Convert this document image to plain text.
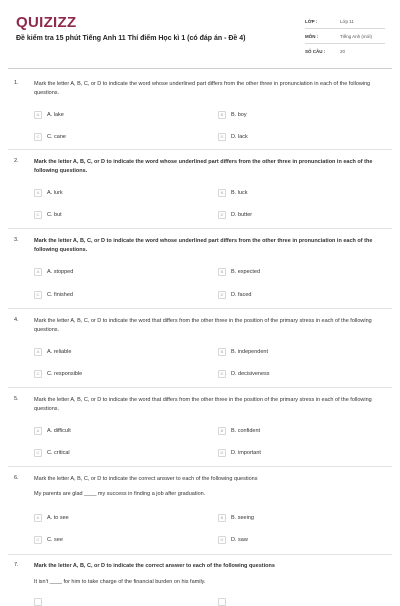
QUIZIZZ
Đề kiểm tra 15 phút Tiếng Anh 11 Thí điểm Học kì 1 (có đáp án - Đề 4)
LỚP :	Lớp 11
MÔN :	Tiếng Anh (mới)
SỐ CÂU :	20
1.	Mark the letter A, B, C, or D to indicate the word whose underlined part differs from the other three in pronunciation in each of the following questions.
A	A. lake	B	B. boy
C	C. cane	D	D. lack
2.	Mark the letter A, B, C, or D to indicate the word whose underlined part differs from the other three in pronunciation in each of the following questions.
A	A. lurk	B	B. luck
C	C. but	D	D. butter
3.	Mark the letter A, B, C, or D to indicate the word whose underlined part differs from the other three in pronunciation in each of the following questions.
A	A. stopped	B	B. expected
C	C. finished	D	D. faced
4.	Mark the letter A, B, C, or D to indicate the word that differs from the other three in the position of the primary stress in each of the following questions.
A	A. reliable	B	B. independent
C	C. responsible	D	D. decisiveness
5.	Mark the letter A, B, C, or D to indicate the word that differs from the other three in the position of the primary stress in each of the following questions.
A	A. difficult	B	B. confident
C	C. critical	D	D. important
6.	Mark the letter A, B, C, or D to indicate the correct answer to each of the following questions
My parents are glad ____ my success in finding a job after graduation.
A	A. to see	B	B. seeing
C	C. see	D	D. saw
7.	Mark the letter A, B, C, or D to indicate the correct answer to each of the following questions
It isn't ____ for him to take charge of the financial burden on his family.
